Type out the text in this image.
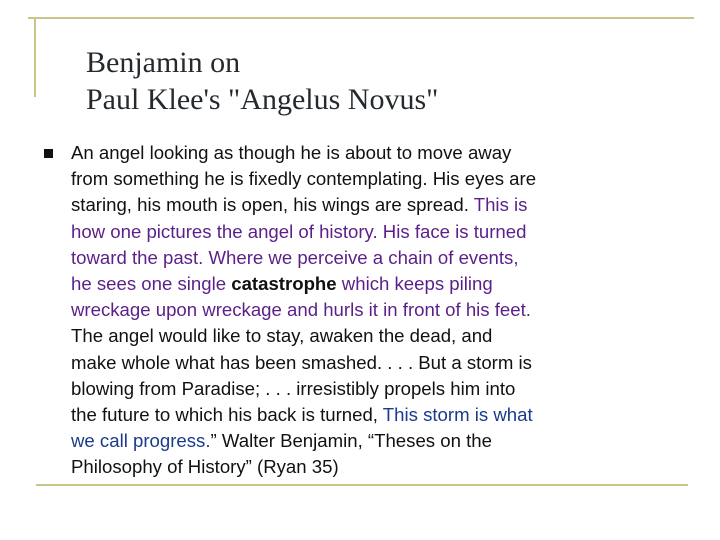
Benjamin on
Paul Klee's "Angelus Novus"
An angel looking as though he is about to move away
from something he is fixedly contemplating. His eyes are
staring, his mouth is open, his wings are spread. This is
how one pictures the angel of history. His face is turned
toward the past. Where we perceive a chain of events,
he sees one single catastrophe which keeps piling
wreckage upon wreckage and hurls it in front of his feet.
The angel would like to stay, awaken the dead, and
make whole what has been smashed. . . . But a storm is
blowing from Paradise; . . . irresistibly propels him into
the future to which his back is turned, This storm is what
we call progress.” Walter Benjamin, “Theses on the
Philosophy of History” (Ryan 35)
